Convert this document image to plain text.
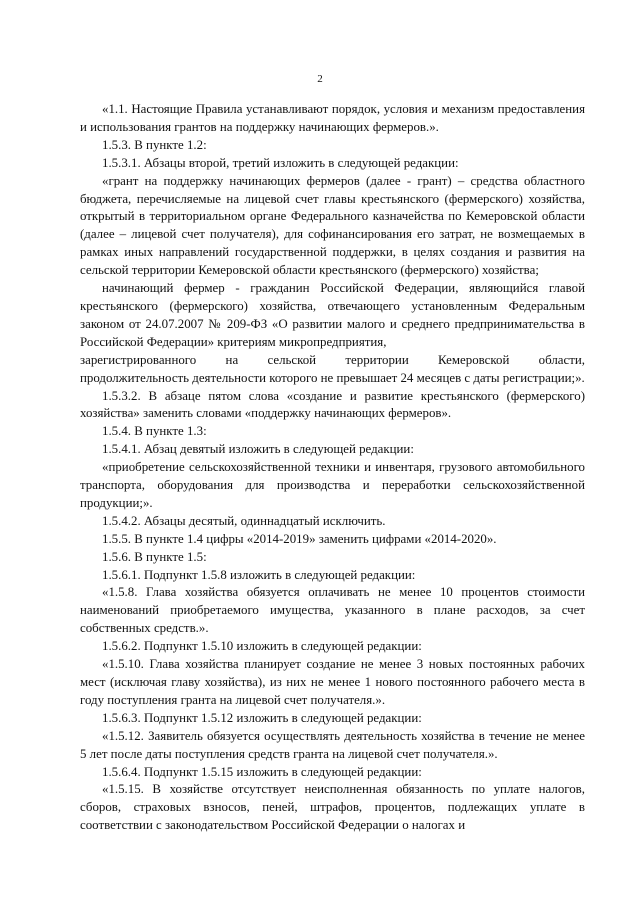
2

«1.1. Настоящие Правила устанавливают порядок, условия и механизм предоставления и использования грантов на поддержку начинающих фермеров.».

1.5.3. В пункте 1.2:

1.5.3.1. Абзацы второй, третий изложить в следующей редакции:

«грант на поддержку начинающих фермеров (далее - грант) – средства областного бюджета, перечисляемые на лицевой счет главы крестьянского (фермерского) хозяйства, открытый в территориальном органе Федерального казначейства по Кемеровской области (далее – лицевой счет получателя), для софинансирования его затрат, не возмещаемых в рамках иных направлений государственной поддержки, в целях создания и развития на сельской территории Кемеровской области крестьянского (фермерского) хозяйства;

начинающий фермер - гражданин Российской Федерации, являющийся главой крестьянского (фермерского) хозяйства, отвечающего установленным Федеральным законом от 24.07.2007 № 209-ФЗ «О развитии малого и среднего предпринимательства в Российской Федерации» критериям микропредприятия,

зарегистрированного на сельской территории Кемеровской области,

продолжительность деятельности которого не превышает 24 месяцев с даты регистрации;».

1.5.3.2. В абзаце пятом слова «создание и развитие крестьянского (фермерского) хозяйства» заменить словами «поддержку начинающих фермеров».

1.5.4. В пункте 1.3:

1.5.4.1. Абзац девятый изложить в следующей редакции:

«приобретение сельскохозяйственной техники и инвентаря, грузового автомобильного транспорта, оборудования для производства и переработки сельскохозяйственной продукции;».

1.5.4.2. Абзацы десятый, одиннадцатый исключить.

1.5.5. В пункте 1.4 цифры «2014-2019» заменить цифрами «2014-2020».

1.5.6. В пункте 1.5:

1.5.6.1. Подпункт 1.5.8 изложить в следующей редакции:

«1.5.8. Глава хозяйства обязуется оплачивать не менее 10 процентов стоимости наименований приобретаемого имущества, указанного в плане расходов, за счет собственных средств.».

1.5.6.2. Подпункт 1.5.10 изложить в следующей редакции:

«1.5.10. Глава хозяйства планирует создание не менее 3 новых постоянных рабочих мест (исключая главу хозяйства), из них не менее 1 нового постоянного рабочего места в году поступления гранта на лицевой счет получателя.».

1.5.6.3. Подпункт 1.5.12 изложить в следующей редакции:

«1.5.12. Заявитель обязуется осуществлять деятельность хозяйства в течение не менее 5 лет после даты поступления средств гранта на лицевой счет получателя.».

1.5.6.4. Подпункт 1.5.15 изложить в следующей редакции:

«1.5.15. В хозяйстве отсутствует неисполненная обязанность по уплате налогов, сборов, страховых взносов, пеней, штрафов, процентов, подлежащих уплате в соответствии с законодательством Российской Федерации о налогах и
